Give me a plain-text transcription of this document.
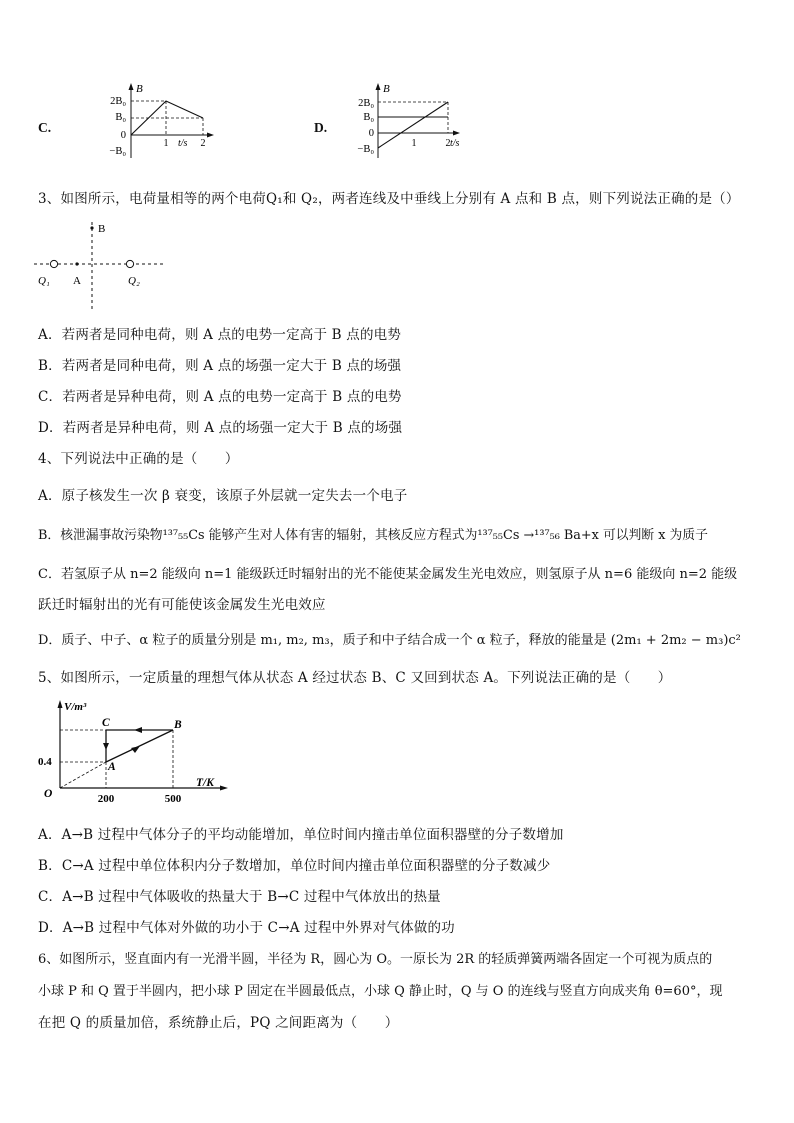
C.
B
t/s
2B₀
B₀
0
−B₀
1	2
D.
B
t/s
2B₀
B₀
0
−B₀
1	2
3、如图所示，电荷量相等的两个电荷Q₁和 Q₂，两者连线及中垂线上分别有 A 点和 B 点，则下列说法正确的是（）
B
Q₁ A	Q₂
A．若两者是同种电荷，则 A 点的电势一定高于 B 点的电势
B．若两者是同种电荷，则 A 点的场强一定大于 B 点的场强
C．若两者是异种电荷，则 A 点的电势一定高于 B 点的电势
D．若两者是异种电荷，则 A 点的场强一定大于 B 点的场强
4、下列说法中正确的是（　　）
A．原子核发生一次 β 衰变，该原子外层就一定失去一个电子
B．核泄漏事故污染物¹³⁷₅₅Cs 能够产生对人体有害的辐射，其核反应方程式为¹³⁷₅₅Cs →¹³⁷₅₆ Ba+x 可以判断 x 为质子
C．若氢原子从 n=2 能级向 n=1 能级跃迁时辐射出的光不能使某金属发生光电效应，则氢原子从 n=6 能级向 n=2 能级
跃迁时辐射出的光有可能使该金属发生光电效应
D．质子、中子、α 粒子的质量分别是 m₁, m₂, m₃，质子和中子结合成一个 α 粒子，释放的能量是 (2m₁ + 2m₂ − m₃)c²
5、如图所示，一定质量的理想气体从状态 A 经过状态 B、C 又回到状态 A。下列说法正确的是（　　）
V/m³
T/K
O
0.4
200	500
C	B
A
A．A→B 过程中气体分子的平均动能增加，单位时间内撞击单位面积器壁的分子数增加
B．C→A 过程中单位体积内分子数增加，单位时间内撞击单位面积器壁的分子数减少
C．A→B 过程中气体吸收的热量大于 B→C 过程中气体放出的热量
D．A→B 过程中气体对外做的功小于 C→A 过程中外界对气体做的功
6、如图所示，竖直面内有一光滑半圆，半径为 R，圆心为 O。一原长为 2R 的轻质弹簧两端各固定一个可视为质点的
小球 P 和 Q 置于半圆内，把小球 P 固定在半圆最低点，小球 Q 静止时，Q 与 O 的连线与竖直方向成夹角 θ=60°，现
在把 Q 的质量加倍，系统静止后，PQ 之间距离为（　　）
